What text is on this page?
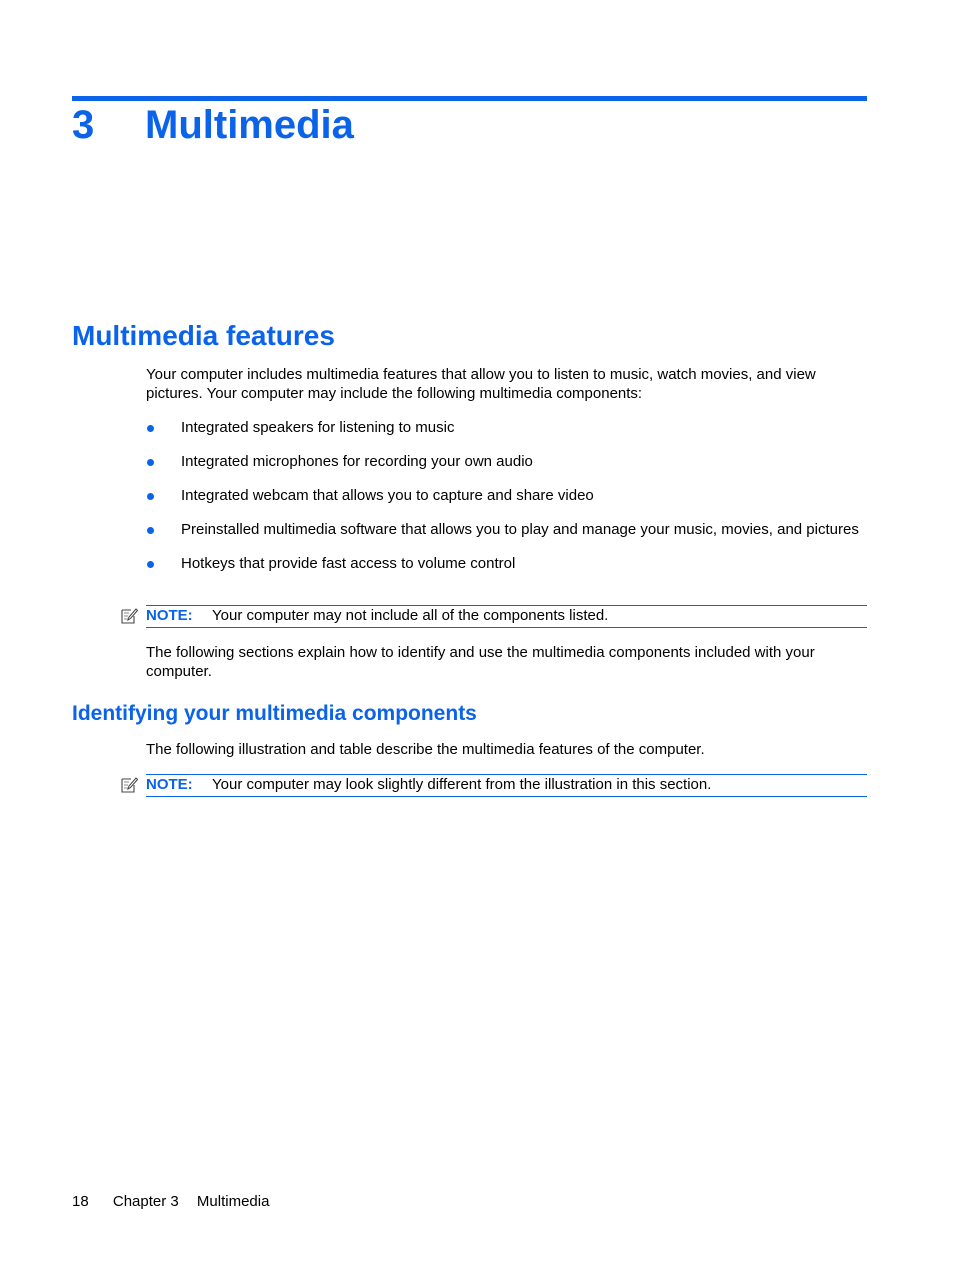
3 Multimedia
Multimedia features
Your computer includes multimedia features that allow you to listen to music, watch movies, and view pictures. Your computer may include the following multimedia components:
Integrated speakers for listening to music
Integrated microphones for recording your own audio
Integrated webcam that allows you to capture and share video
Preinstalled multimedia software that allows you to play and manage your music, movies, and pictures
Hotkeys that provide fast access to volume control
NOTE: Your computer may not include all of the components listed.
The following sections explain how to identify and use the multimedia components included with your computer.
Identifying your multimedia components
The following illustration and table describe the multimedia features of the computer.
NOTE: Your computer may look slightly different from the illustration in this section.
18 Chapter 3 Multimedia
